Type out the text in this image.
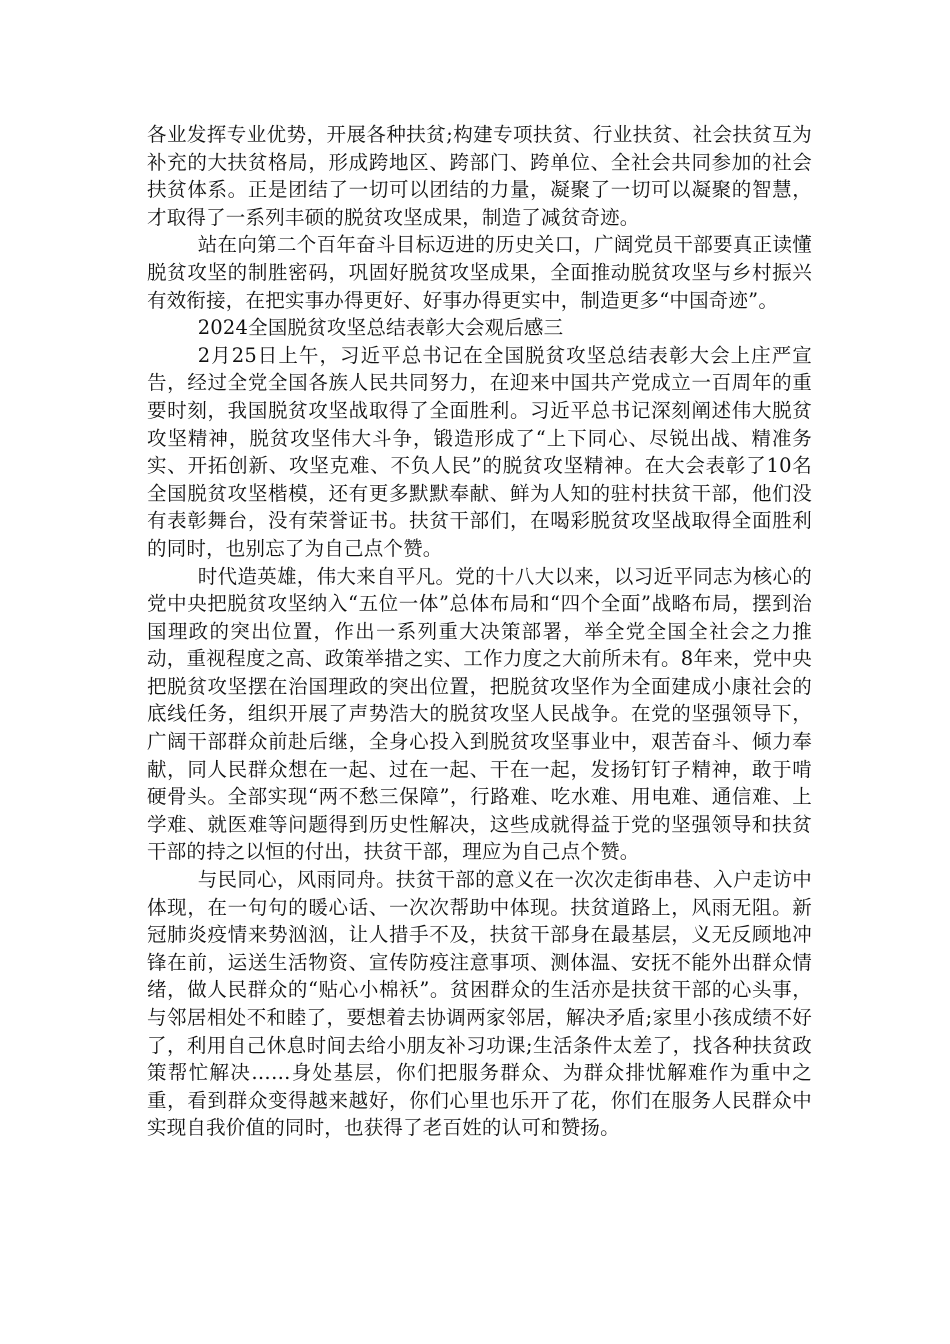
各业发挥专业优势，开展各种扶贫;构建专项扶贫、行业扶贫、社会扶贫互为补充的大扶贫格局，形成跨地区、跨部门、跨单位、全社会共同参加的社会扶贫体系。正是团结了一切可以团结的力量，凝聚了一切可以凝聚的智慧，才取得了一系列丰硕的脱贫攻坚成果，制造了减贫奇迹。

站在向第二个百年奋斗目标迈进的历史关口，广阔党员干部要真正读懂脱贫攻坚的制胜密码，巩固好脱贫攻坚成果，全面推动脱贫攻坚与乡村振兴有效衔接，在把实事办得更好、好事办得更实中，制造更多“中国奇迹”。

2024全国脱贫攻坚总结表彰大会观后感三

2月25日上午，习近平总书记在全国脱贫攻坚总结表彰大会上庄严宣告，经过全党全国各族人民共同努力，在迎来中国共产党成立一百周年的重要时刻，我国脱贫攻坚战取得了全面胜利。习近平总书记深刻阐述伟大脱贫攻坚精神，脱贫攻坚伟大斗争，锻造形成了“上下同心、尽锐出战、精准务实、开拓创新、攻坚克难、不负人民”的脱贫攻坚精神。在大会表彰了10名全国脱贫攻坚楷模，还有更多默默奉献、鲜为人知的驻村扶贫干部，他们没有表彰舞台，没有荣誉证书。扶贫干部们，在喝彩脱贫攻坚战取得全面胜利的同时，也别忘了为自己点个赞。

时代造英雄，伟大来自平凡。党的十八大以来，以习近平同志为核心的党中央把脱贫攻坚纳入“五位一体”总体布局和“四个全面”战略布局，摆到治国理政的突出位置，作出一系列重大决策部署，举全党全国全社会之力推动，重视程度之高、政策举措之实、工作力度之大前所未有。8年来，党中央把脱贫攻坚摆在治国理政的突出位置，把脱贫攻坚作为全面建成小康社会的底线任务，组织开展了声势浩大的脱贫攻坚人民战争。在党的坚强领导下，广阔干部群众前赴后继，全身心投入到脱贫攻坚事业中，艰苦奋斗、倾力奉献，同人民群众想在一起、过在一起、干在一起，发扬钉钉子精神，敢于啃硬骨头。全部实现“两不愁三保障”，行路难、吃水难、用电难、通信难、上学难、就医难等问题得到历史性解决，这些成就得益于党的坚强领导和扶贫干部的持之以恒的付出，扶贫干部，理应为自己点个赞。

与民同心，风雨同舟。扶贫干部的意义在一次次走街串巷、入户走访中体现，在一句句的暖心话、一次次帮助中体现。扶贫道路上，风雨无阻。新冠肺炎疫情来势汹汹，让人措手不及，扶贫干部身在最基层，义无反顾地冲锋在前，运送生活物资、宣传防疫注意事项、测体温、安抚不能外出群众情绪，做人民群众的“贴心小棉袄”。贫困群众的生活亦是扶贫干部的心头事，与邻居相处不和睦了，要想着去协调两家邻居，解决矛盾;家里小孩成绩不好了，利用自己休息时间去给小朋友补习功课;生活条件太差了，找各种扶贫政策帮忙解决……身处基层，你们把服务群众、为群众排忧解难作为重中之重，看到群众变得越来越好，你们心里也乐开了花，你们在服务人民群众中实现自我价值的同时，也获得了老百姓的认可和赞扬。
